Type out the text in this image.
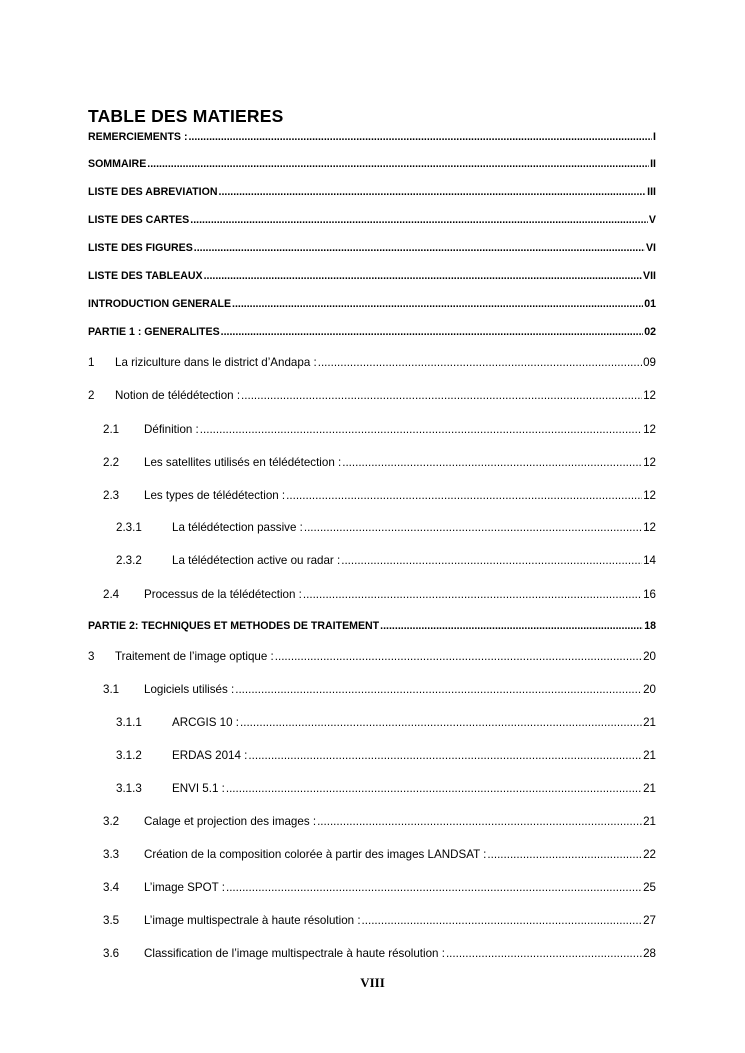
TABLE DES MATIERES
REMERCIEMENTS : .....	I
SOMMAIRE .....	II
LISTE DES ABREVIATION .....	III
LISTE DES CARTES .....	V
LISTE DES FIGURES .....	VI
LISTE DES TABLEAUX .....	VII
INTRODUCTION GENERALE .....	01
PARTIE 1 : GENERALITES .....	02
1	La riziculture dans le district d’Andapa : .....	09
2	Notion de télédétection : .....	12
2.1	Définition : .....	12
2.2	Les satellites utilisés en télédétection : .....	12
2.3	Les types de télédétection : .....	12
2.3.1	La télédétection passive : .....	12
2.3.2	La télédétection active ou radar : .....	14
2.4	Processus de la télédétection : .....	16
PARTIE 2: TECHNIQUES ET METHODES DE TRAITEMENT .....	18
3	Traitement de l’image optique : .....	20
3.1	Logiciels utilisés : .....	20
3.1.1	ARCGIS 10 : .....	21
3.1.2	ERDAS 2014 : .....	21
3.1.3	ENVI 5.1 : .....	21
3.2	Calage et projection des images : .....	21
3.3	Création de la composition colorée à partir des images LANDSAT : .....	22
3.4	L’image SPOT : .....	25
3.5	L’image multispectrale à haute résolution : .....	27
3.6	Classification de l’image multispectrale à haute résolution : .....	28
VIII
